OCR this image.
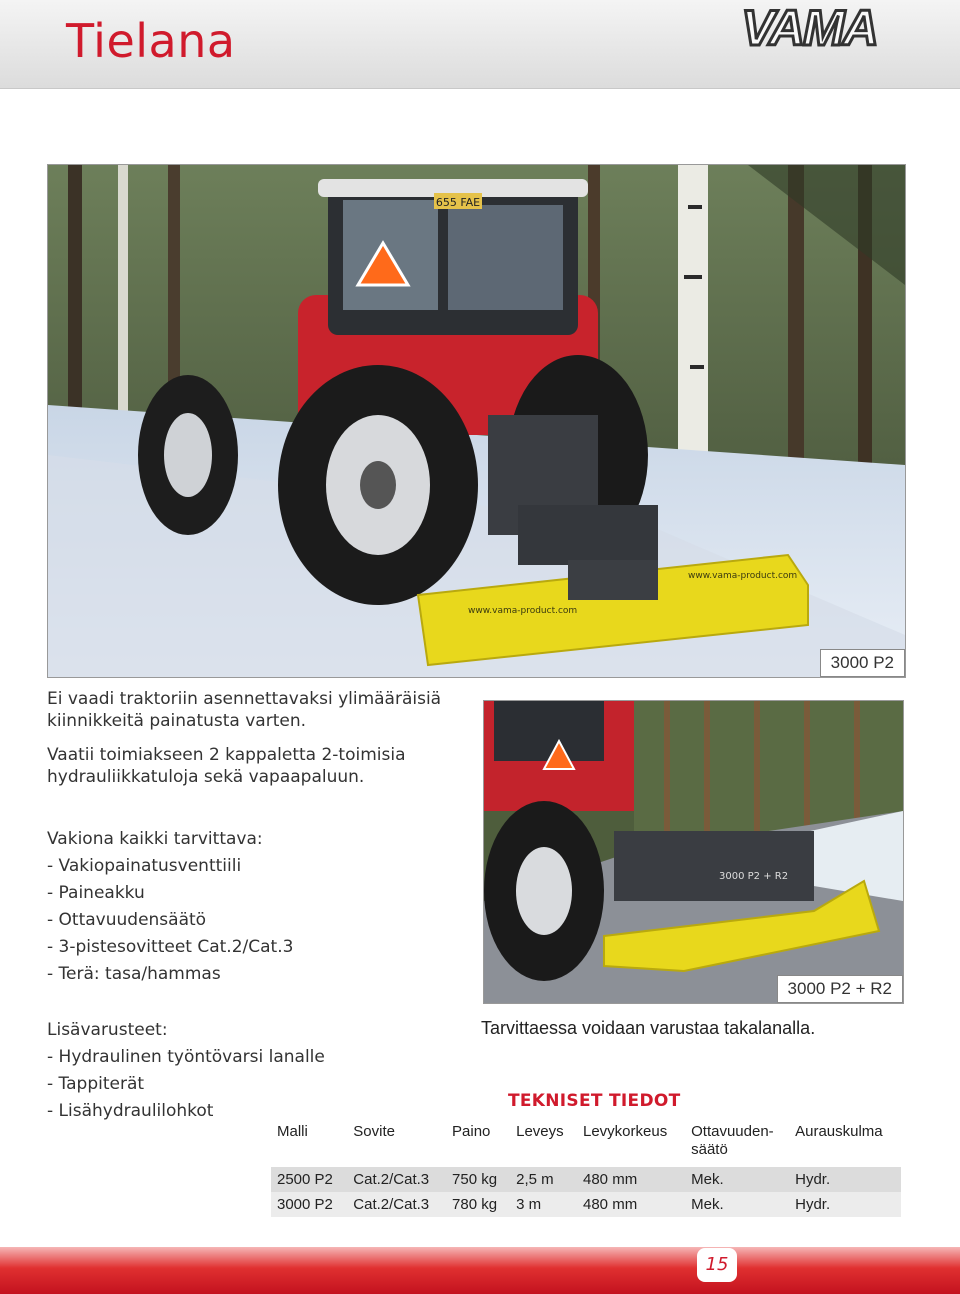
Tielana	VAMA
655 FAE
www.vama-product.com
www.vama-product.com
3000 P2

Ei vaadi traktoriin asennettavaksi ylimääräisiä kiinnikkeitä painatusta varten.

Vaatii toimiakseen 2 kappaletta 2-toimisia hydrauliikkatuloja sekä vapaapaluun.

3000 P2 + R2
3000 P2 + R2
Vakiona kaikki tarvittava:
- Vakiopainatusventtiili
- Paineakku
- Ottavuudensäätö
- 3-pistesovitteet Cat.2/Cat.3
- Terä: tasa/hammas
Lisävarusteet:
- Hydraulinen työntövarsi lanalle
- Tappiterät
- Lisähydraulilohkot
Tarvittaessa voidaan varustaa takalanalla.
TEKNISET TIEDOT
Malli	Sovite	Paino	Leveys	Levykorkeus	Ottavuuden-säätö	Aurauskulma
2500 P2	Cat.2/Cat.3	750 kg	2,5 m	480 mm	Mek.	Hydr.
3000 P2	Cat.2/Cat.3	780 kg	3 m	480 mm	Mek.	Hydr.
15
